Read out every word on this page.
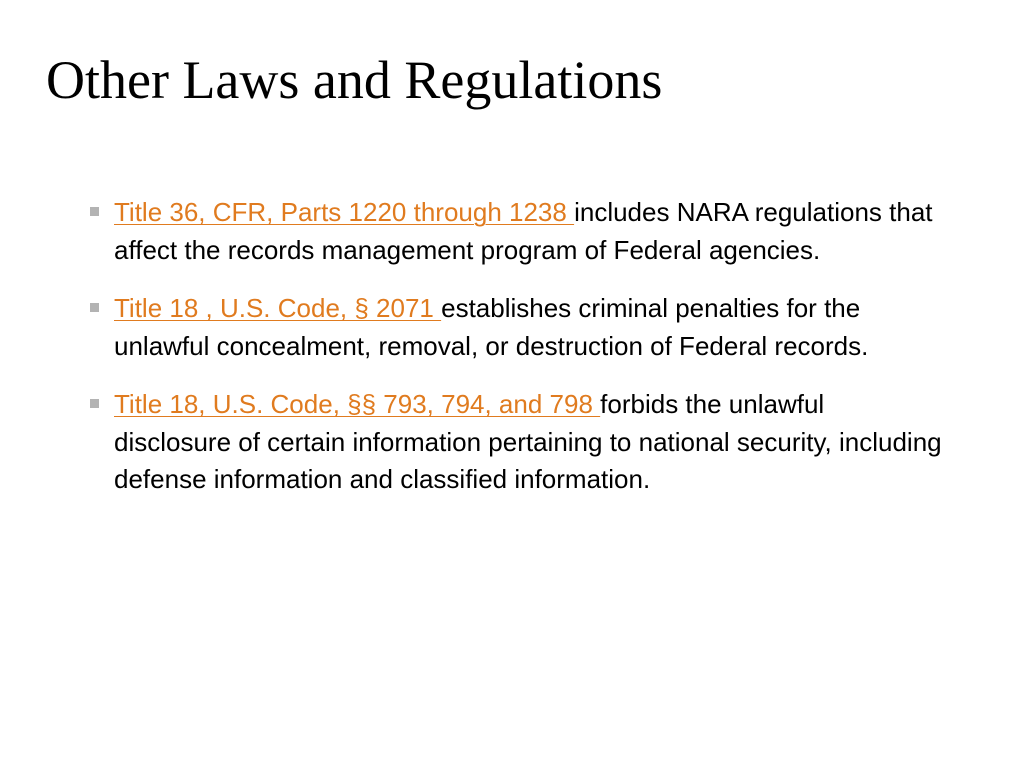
Other Laws and Regulations
Title 36, CFR, Parts 1220 through 1238 includes NARA regulations that affect the records management program of Federal agencies.
Title 18 , U.S. Code, § 2071 establishes criminal penalties for the unlawful concealment, removal, or destruction of Federal records.
Title 18, U.S. Code, §§ 793, 794, and 798 forbids the unlawful disclosure of certain information pertaining to national security, including defense information and classified information.
